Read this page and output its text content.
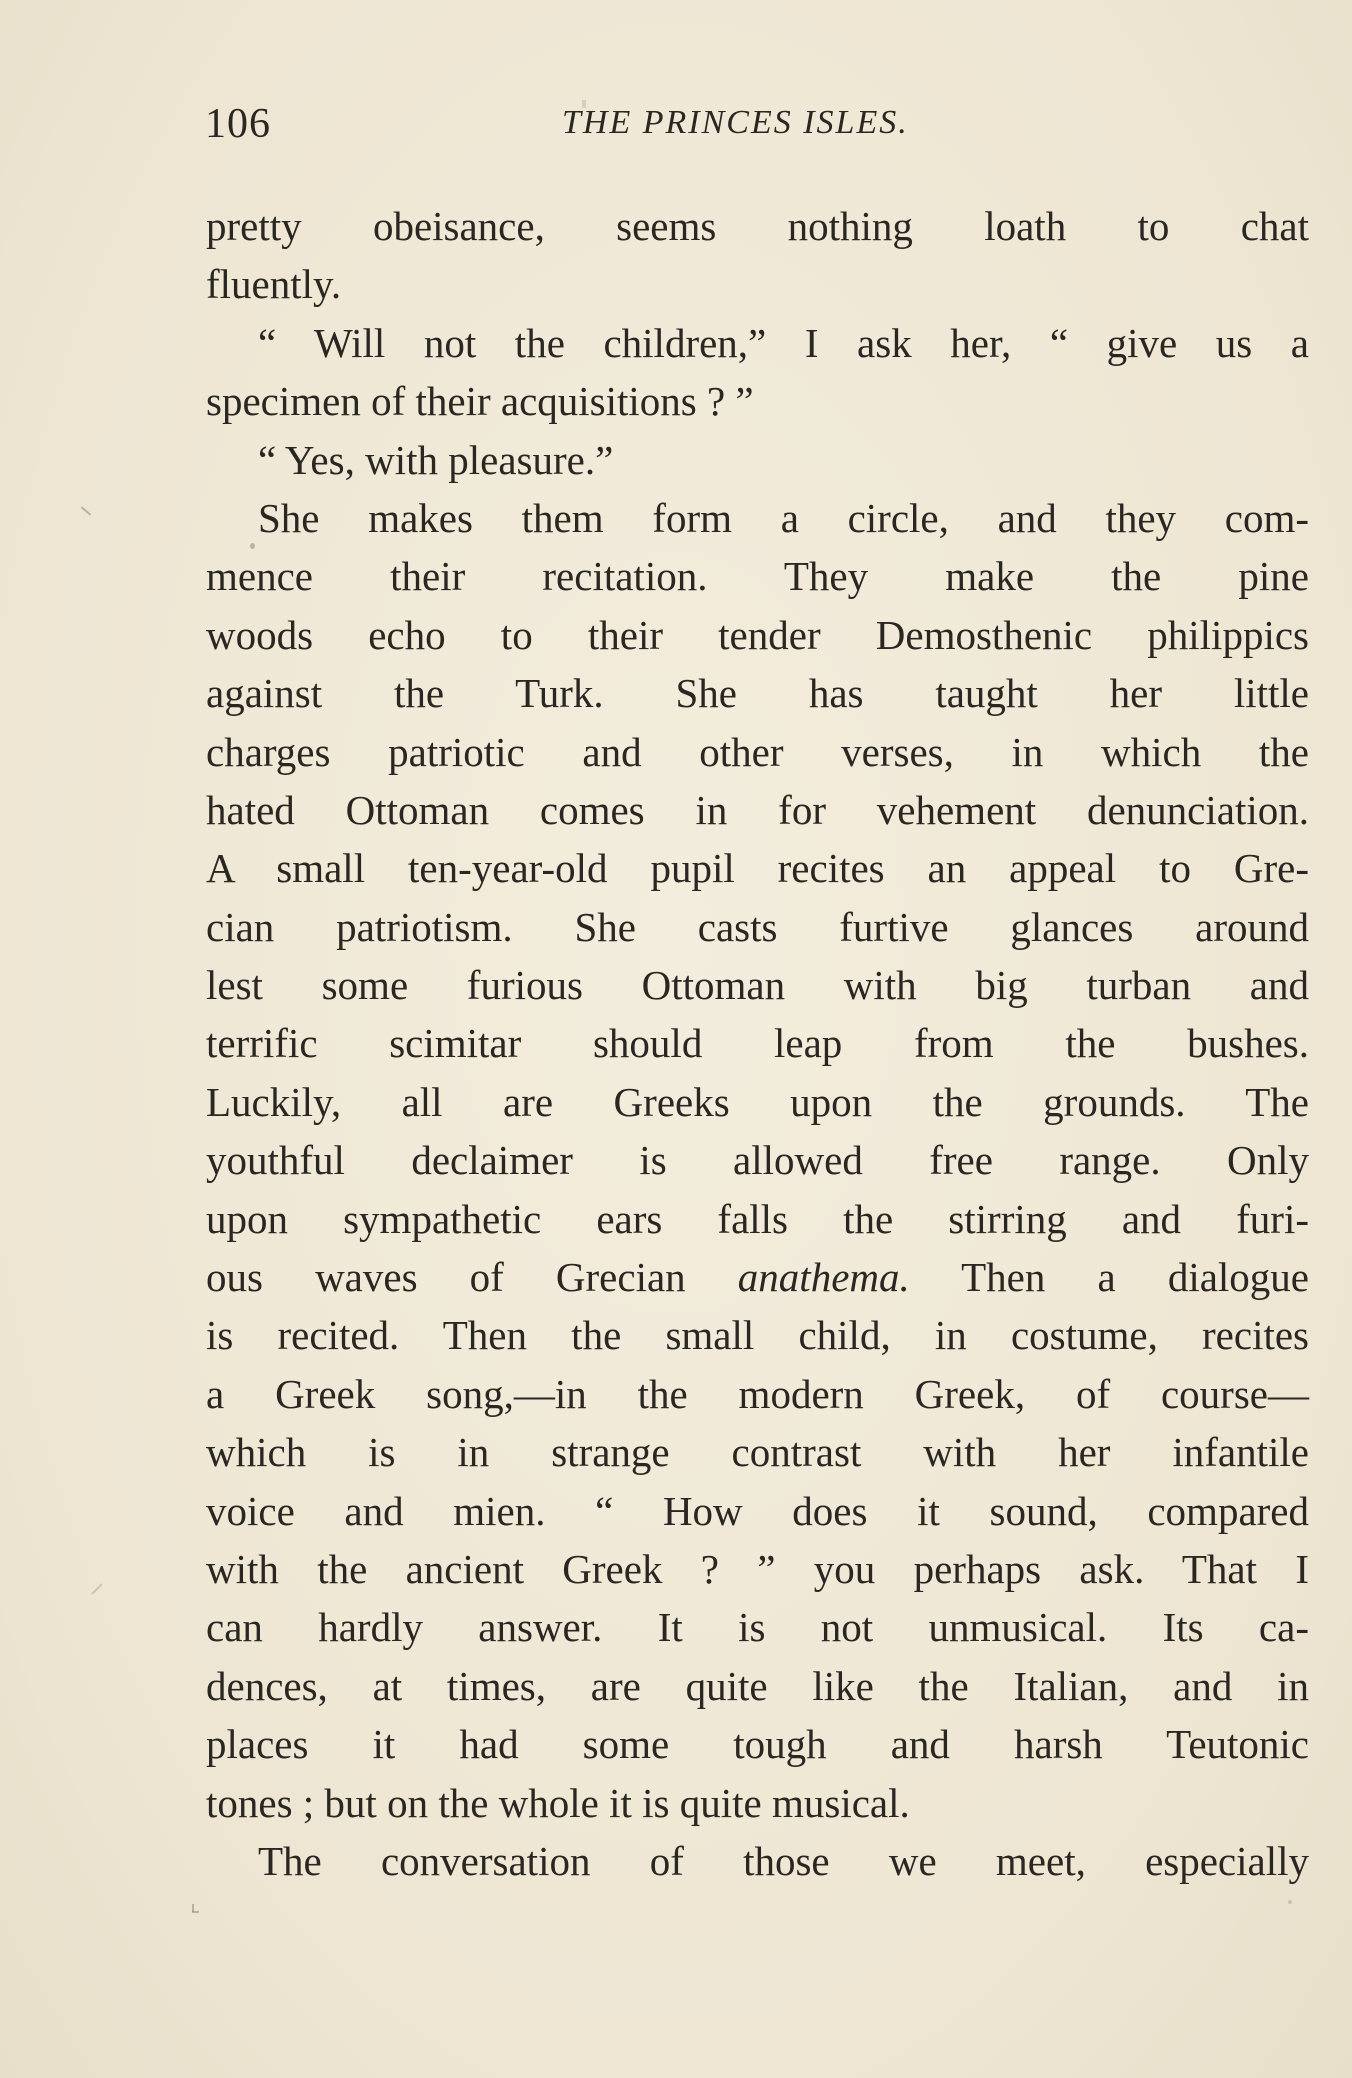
106	THE PRINCES ISLES.
pretty obeisance, seems nothing loath to chat
fluently.
“ Will not the children,” I ask her, “ give us a
specimen of their acquisitions ? ”
“ Yes, with pleasure.”
She makes them form a circle, and they com-
mence their recitation. They make the pine
woods echo to their tender Demosthenic philippics
against the Turk. She has taught her little
charges patriotic and other verses, in which the
hated Ottoman comes in for vehement denunciation.
A small ten-year-old pupil recites an appeal to Gre-
cian patriotism. She casts furtive glances around
lest some furious Ottoman with big turban and
terrific scimitar should leap from the bushes.
Luckily, all are Greeks upon the grounds. The
youthful declaimer is allowed free range. Only
upon sympathetic ears falls the stirring and furi-
ous waves of Grecian anathema. Then a dialogue
is recited. Then the small child, in costume, recites
a Greek song,—in the modern Greek, of course—
which is in strange contrast with her infantile
voice and mien. “ How does it sound, compared
with the ancient Greek ? ” you perhaps ask. That I
can hardly answer. It is not unmusical. Its ca-
dences, at times, are quite like the Italian, and in
places it had some tough and harsh Teutonic
tones ; but on the whole it is quite musical.
The conversation of those we meet, especially
